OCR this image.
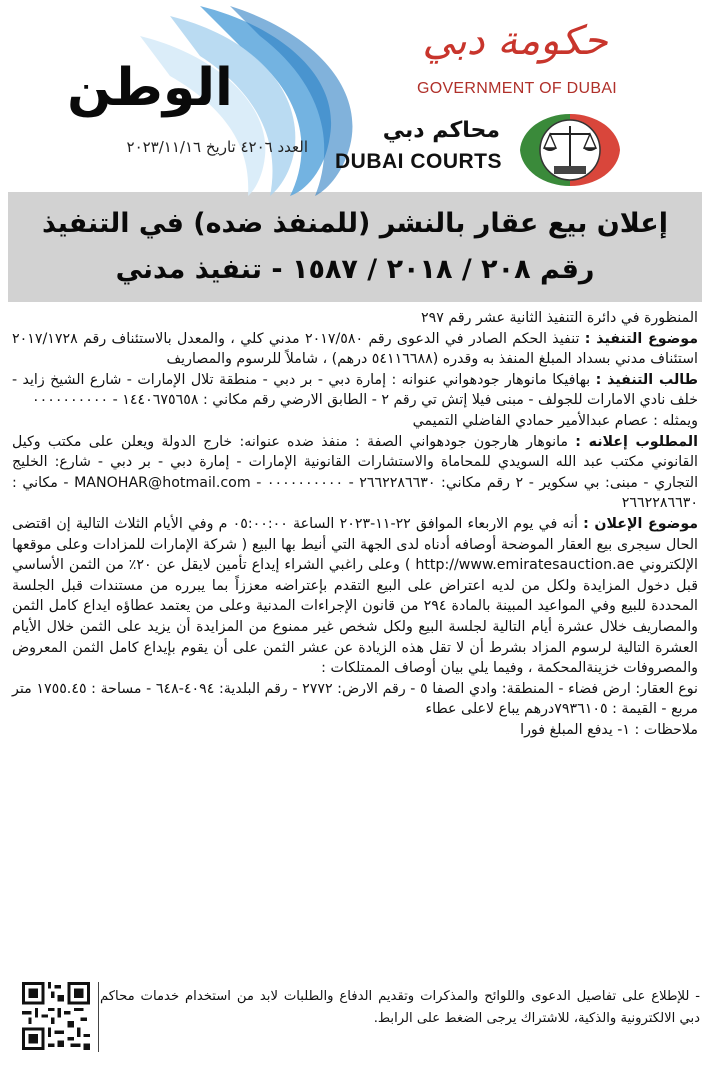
الوطن
العدد ٤٢٠٦ تاريخ ٢٠٢٣/١١/١٦
حكومة دبي
GOVERNMENT OF DUBAI
محاكم دبي
DUBAI COURTS
إعلان بيع عقار بالنشر (للمنفذ ضده) في التنفيذ
رقم ٢٠٨ / ٢٠١٨ / ١٥٨٧ - تنفيذ مدني

المنظورة في دائرة التنفيذ الثانية عشر رقم ٢٩٧

موضوع التنفيذ : تنفيذ الحكم الصادر في الدعوى رقم ٢٠١٧/٥٨٠ مدني كلي ، والمعدل بالاستئناف رقم ٢٠١٧/١٧٢٨ استئناف مدني بسداد المبلغ المنفذ به وقدره (٥٤١١٦٦٨٨ درهم) ، شاملاً للرسوم والمصاريف

طالب التنفيذ : بهافيكا مانوهار جودهواني عنوانه : إمارة دبي - بر دبي - منطقة تلال الإمارات - شارع الشيخ زايد - خلف نادي الامارات للجولف - مبنى فيلا إتش تي رقم ٢ - الطابق الارضي رقم مكاني : ١٤٤٠٦٧٥٦٥٨ - ٠٠٠٠٠٠٠٠٠٠

ويمثله : عصام عبدالأمير حمادي الفاضلي التميمي

المطلوب إعلانه : مانوهار هارجون جودهواني الصفة : منفذ ضده عنوانه: خارج الدولة ويعلن على مكتب وكيل القانوني مكتب عبد الله السويدي للمحاماة والاستشارات القانونية الإمارات - إمارة دبي - بر دبي - شارع: الخليج التجاري - مبنى: بي سكوير - ٢ رقم مكاني: ٢٦٦٢٢٨٦٦٣٠ - ٠٠٠٠٠٠٠٠٠٠ - MANOHAR@hotmail.com - مكاني : ٢٦٦٢٢٨٦٦٣٠

موضوع الإعلان : أنه في يوم الاربعاء الموافق ٢٢-١١-٢٠٢٣ الساعة ٠٥:٠٠:٠٠ م وفي الأيام الثلاث التالية إن اقتضى الحال سيجرى بيع العقار الموضحة أوصافه أدناه لدى الجهة التي أنيط بها البيع ( شركة الإمارات للمزادات وعلى موقعها الإلكتروني http://www.emiratesauction.ae ) وعلى راغبي الشراء إيداع تأمين لايقل عن ٢٠٪ من الثمن الأساسي قبل دخول المزايدة ولكل من لديه اعتراض على البيع التقدم بإعتراضه معززاً بما يبرره من مستندات قبل الجلسة المحددة للبيع وفي المواعيد المبينة بالمادة ٢٩٤ من قانون الإجراءات المدنية وعلى من يعتمد عطاؤه ايداع كامل الثمن والمصاريف خلال عشرة أيام التالية لجلسة البيع ولكل شخص غير ممنوع من المزايدة أن يزيد على الثمن خلال الأيام العشرة التالية لرسوم المزاد بشرط أن لا تقل هذه الزيادة عن عشر الثمن على أن يقوم بإيداع كامل الثمن المعروض والمصروفات خزينةالمحكمة ، وفيما يلي بيان أوصاف الممتلكات :

نوع العقار: ارض فضاء - المنطقة: وادي الصفا ٥ - رقم الارض: ٢٧٧٢ - رقم البلدية: ٤٠٩٤-٦٤٨ - مساحة : ١٧٥٥.٤٥ متر مربع - القيمة : ٧٩٣٦١٠٥درهم يباع لاعلى عطاء

ملاحظات : ١- يدفع المبلغ فورا

- للإطلاع على تفاصيل الدعوى واللوائح والمذكرات وتقديم الدفاع والطلبات لابد من استخدام خدمات محاكم دبي الالكترونية والذكية، للاشتراك يرجى الضغط على الرابط.
